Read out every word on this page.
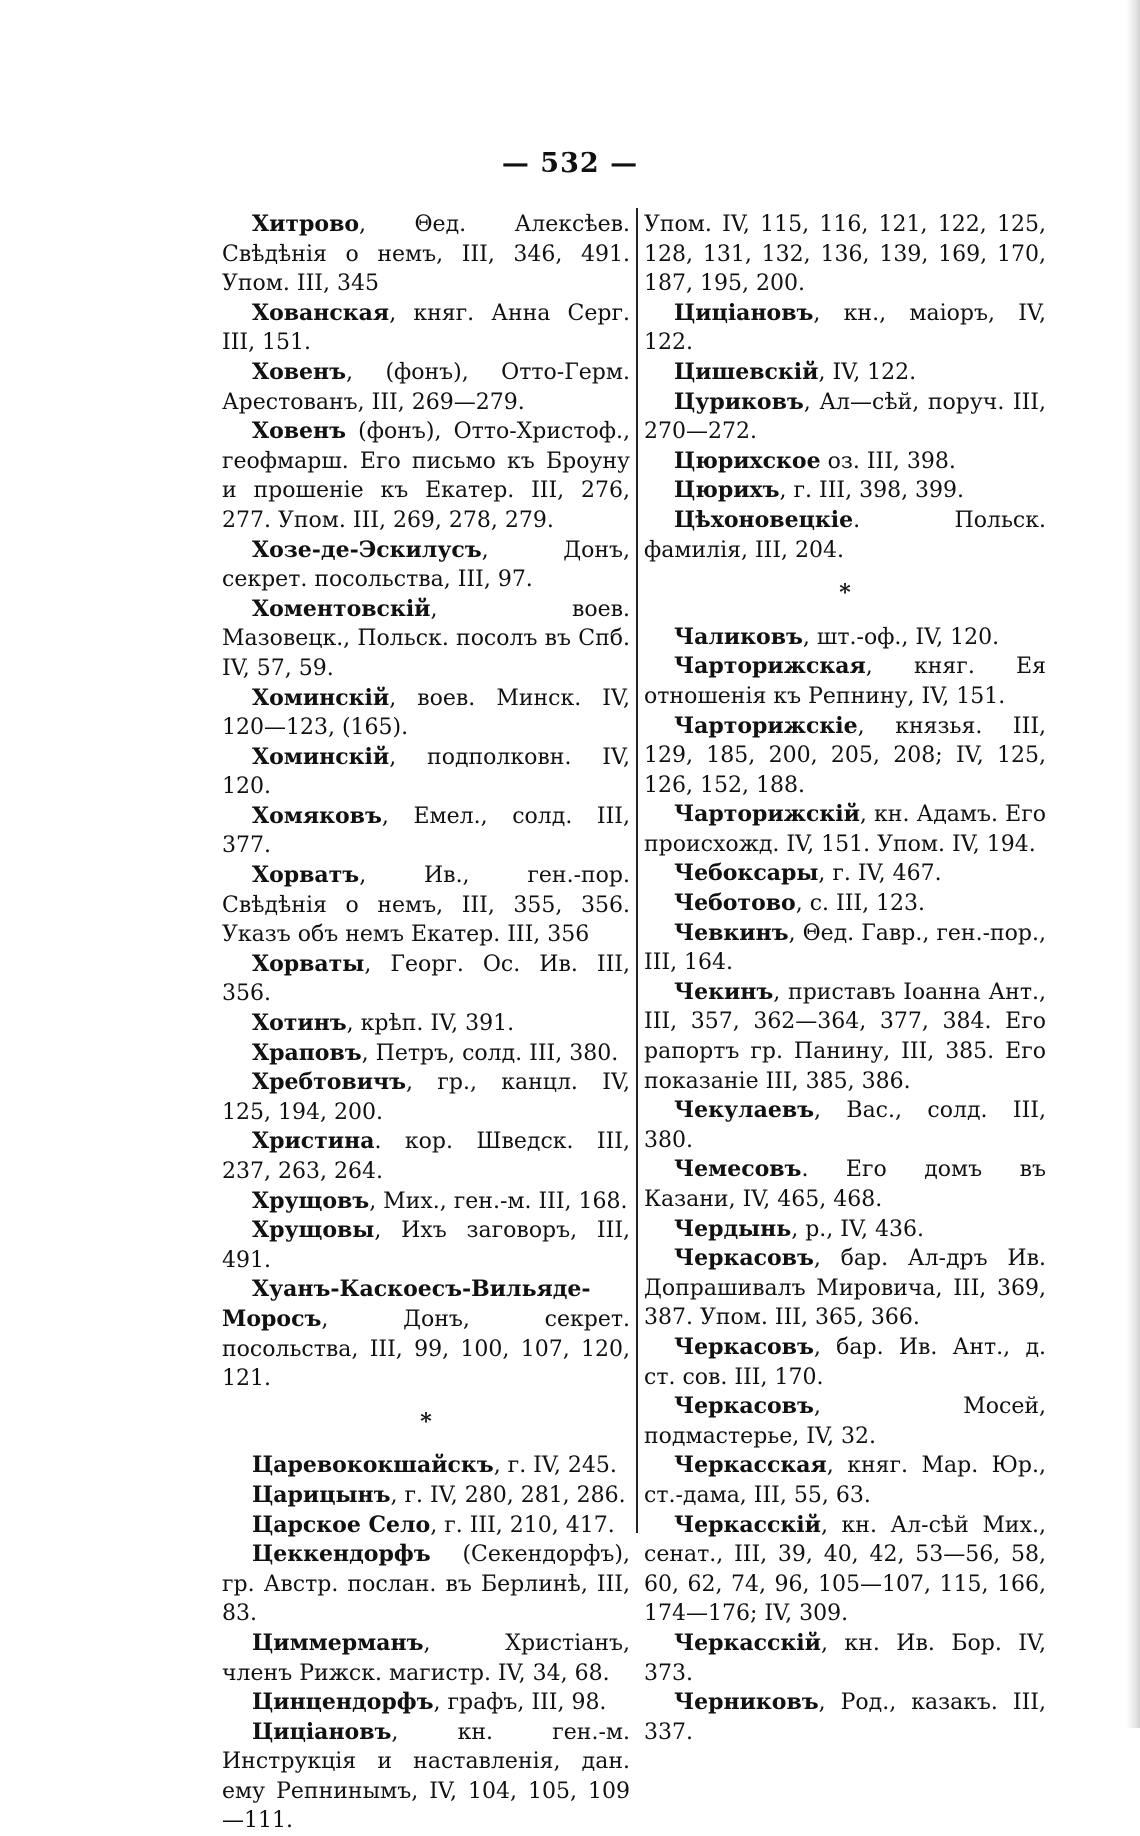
— 532 —

Хитрово, Θед. Алексѣев. Свѣдѣнія о немъ, III, 346, 491. Упом. III, 345

Хованская, княг. Анна Серг. III, 151.

Ховенъ, (фонъ), Отто-Герм. Арестованъ, III, 269—279.

Ховенъ (фонъ), Отто-Христоф., геофмарш. Его письмо къ Броуну и прошеніе къ Екатер. III, 276, 277. Упом. III, 269, 278, 279.

Хозе-де-Эскилусъ, Донъ, секрет. посольства, III, 97.

Хоментовскій, воев. Мазовецк., Польск. посолъ въ Спб. IV, 57, 59.

Хоминскій, воев. Минск. IV, 120—123, (165).

Хоминскій, подполковн. IV, 120.

Хомяковъ, Емел., солд. III, 377.

Хорватъ, Ив., ген.-пор. Свѣдѣнія о немъ, III, 355, 356. Указъ объ немъ Екатер. III, 356

Хорваты, Георг. Ос. Ив. III, 356.

Хотинъ, крѣп. IV, 391.

Храповъ, Петръ, солд. III, 380.

Хребтовичъ, гр., канцл. IV, 125, 194, 200.

Христина. кор. Шведск. III, 237, 263, 264.

Хрущовъ, Мих., ген.-м. III, 168.

Хрущовы, Ихъ заговоръ, III, 491.

Хуанъ-Каскоесъ-Вильяде-Моросъ, Донъ, секрет. посольства, III, 99, 100, 107, 120, 121.

*

Царевококшайскъ, г. IV, 245.

Царицынъ, г. IV, 280, 281, 286.

Царское Село, г. III, 210, 417.

Цеккендорфъ (Секендорфъ), гр. Австр. послан. въ Берлинѣ, III, 83.

Циммерманъ, Христіанъ, членъ Рижск. магистр. IV, 34, 68.

Цинцендорфъ, графъ, III, 98.

Циціановъ, кн. ген.-м. Инструкція и наставленія, дан. ему Репнинымъ, IV, 104, 105, 109—111.

Упом. IV, 115, 116, 121, 122, 125, 128, 131, 132, 136, 139, 169, 170, 187, 195, 200.

Циціановъ, кн., маіоръ, IV, 122.

Цишевскій, IV, 122.

Цуриковъ, Ал—сѣй, поруч. III, 270—272.

Цюрихское оз. III, 398.

Цюрихъ, г. III, 398, 399.

Цѣхоновецкіе. Польск. фамилія, III, 204.

*

Чаликовъ, шт.-оф., IV, 120.

Чарторижская, княг. Ея отношенія къ Репнину, IV, 151.

Чарторижскіе, князья. III, 129, 185, 200, 205, 208; IV, 125, 126, 152, 188.

Чарторижскій, кн. Адамъ. Его происхожд. IV, 151. Упом. IV, 194.

Чебоксары, г. IV, 467.

Чеботово, с. III, 123.

Чевкинъ, Θед. Гавр., ген.-пор., III, 164.

Чекинъ, приставъ Іоанна Ант., III, 357, 362—364, 377, 384. Его рапортъ гр. Панину, III, 385. Его показаніе III, 385, 386.

Чекулаевъ, Вас., солд. III, 380.

Чемесовъ. Его домъ въ Казани, IV, 465, 468.

Чердынь, р., IV, 436.

Черкасовъ, бар. Ал-дръ Ив. Допрашивалъ Мировича, III, 369, 387. Упом. III, 365, 366.

Черкасовъ, бар. Ив. Ант., д. ст. сов. III, 170.

Черкасовъ, Мосей, подмастерье, IV, 32.

Черкасская, княг. Мар. Юр., ст.-дама, III, 55, 63.

Черкасскій, кн. Ал-сѣй Мих., сенат., III, 39, 40, 42, 53—56, 58, 60, 62, 74, 96, 105—107, 115, 166, 174—176; IV, 309.

Черкасскій, кн. Ив. Бор. IV, 373.

Черниковъ, Род., казакъ. III, 337.
